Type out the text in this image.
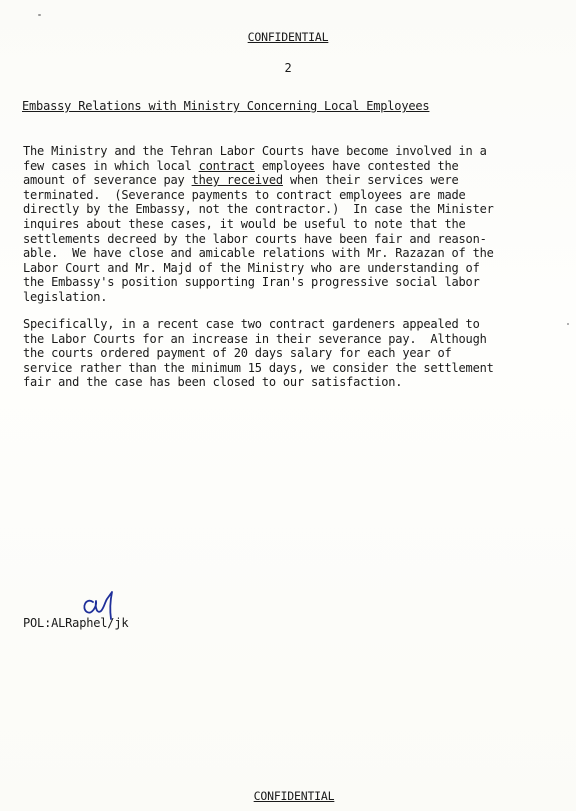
CONFIDENTIAL
2
Embassy Relations with Ministry Concerning Local Employees

The Ministry and the Tehran Labor Courts have become involved in a
few cases in which local contract employees have contested the
amount of severance pay they received when their services were
terminated.  (Severance payments to contract employees are made
directly by the Embassy, not the contractor.)  In case the Minister
inquires about these cases, it would be useful to note that the
settlements decreed by the labor courts have been fair and reason-
able.  We have close and amicable relations with Mr. Razazan of the
Labor Court and Mr. Majd of the Ministry who are understanding of
the Embassy's position supporting Iran's progressive social labor
legislation.

Specifically, in a recent case two contract gardeners appealed to
the Labor Courts for an increase in their severance pay.  Although
the courts ordered payment of 20 days salary for each year of
service rather than the minimum 15 days, we consider the settlement
fair and the case has been closed to our satisfaction.

POL:ALRaphel/jk
CONFIDENTIAL
